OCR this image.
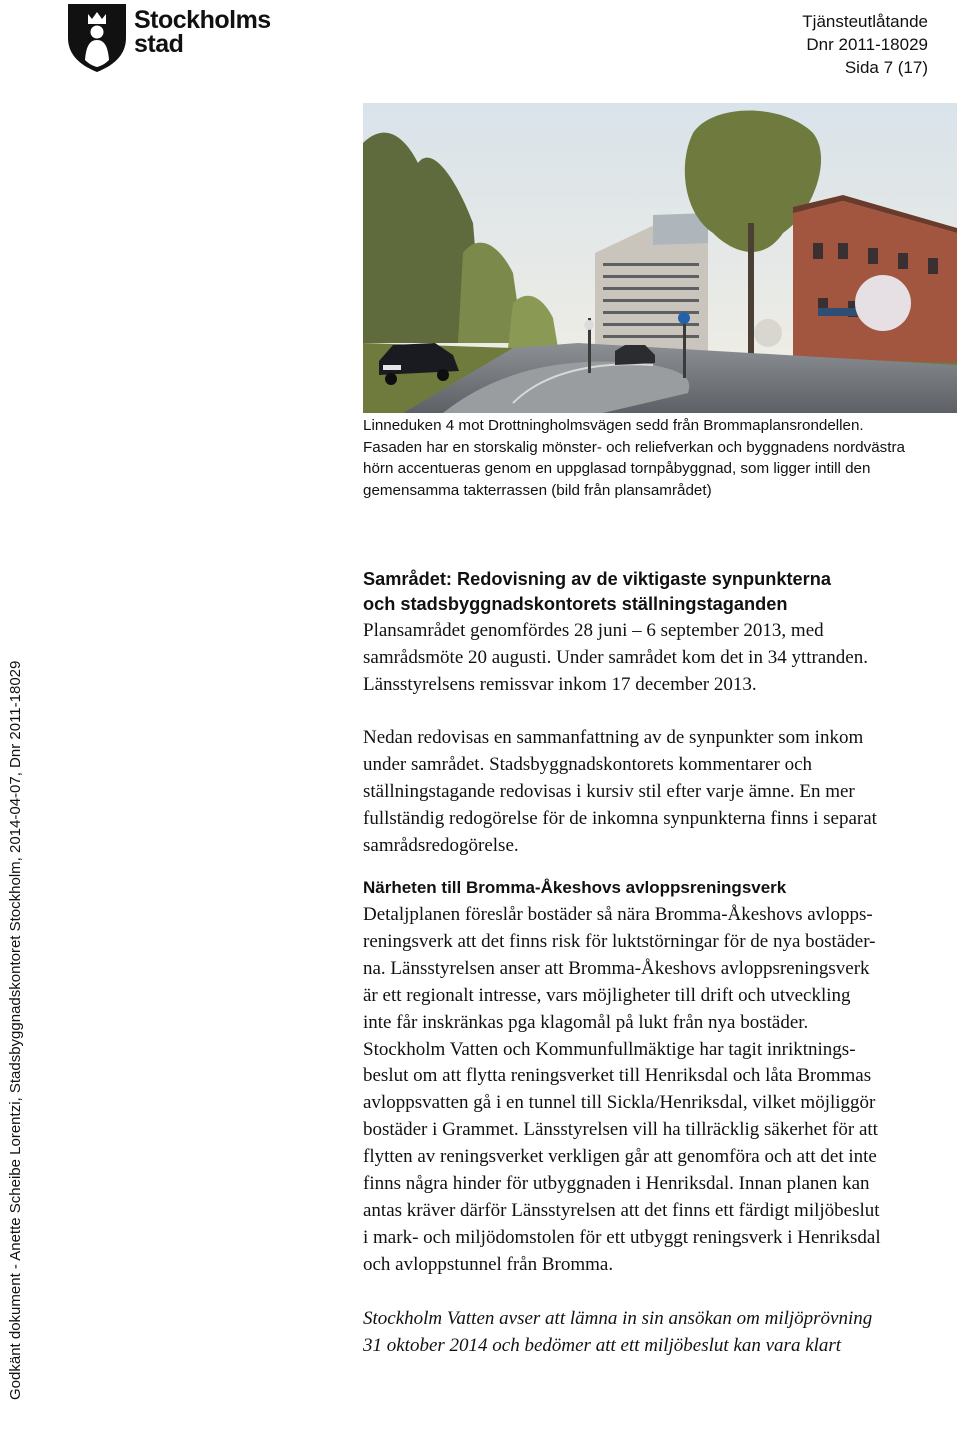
Stockholms
stad
Tjänsteutlåtande
Dnr 2011-18029
Sida 7 (17)
Linneduken 4 mot Drottningholmsvägen sedd från Brommaplansrondellen.
Fasaden har en storskalig mönster- och reliefverkan och byggnadens nordvästra
hörn accentueras genom en uppglasad tornpåbyggnad, som ligger intill den
gemensamma takterrassen (bild från plansamrådet)
Godkänt dokument - Anette Scheibe Lorentzi, Stadsbyggnadskontoret Stockholm, 2014-04-07, Dnr 2011-18029
Samrådet: Redovisning av de viktigaste synpunkterna
och stadsbyggnadskontorets ställningstaganden
Plansamrådet genomfördes 28 juni – 6 september 2013, med
samrådsmöte 20 augusti. Under samrådet kom det in 34 yttranden.
Länsstyrelsens remissvar inkom 17 december 2013.
Nedan redovisas en sammanfattning av de synpunkter som inkom
under samrådet. Stadsbyggnadskontorets kommentarer och
ställningstagande redovisas i kursiv stil efter varje ämne. En mer
fullständig redogörelse för de inkomna synpunkterna finns i separat
samrådsredogörelse.
Närheten till Bromma-Åkeshovs avloppsreningsverk
Detaljplanen föreslår bostäder så nära Bromma-Åkeshovs avlopps-
reningsverk att det finns risk för luktstörningar för de nya bostäder-
na. Länsstyrelsen anser att Bromma-Åkeshovs avloppsreningsverk
är ett regionalt intresse, vars möjligheter till drift och utveckling
inte får inskränkas pga klagomål på lukt från nya bostäder.
Stockholm Vatten och Kommunfullmäktige har tagit inriktnings-
beslut om att flytta reningsverket till Henriksdal och låta Brommas
avloppsvatten gå i en tunnel till Sickla/Henriksdal, vilket möjliggör
bostäder i Grammet. Länsstyrelsen vill ha tillräcklig säkerhet för att
flytten av reningsverket verkligen går att genomföra och att det inte
finns några hinder för utbyggnaden i Henriksdal. Innan planen kan
antas kräver därför Länsstyrelsen att det finns ett färdigt miljöbeslut
i mark- och miljödomstolen för ett utbyggt reningsverk i Henriksdal
och avloppstunnel från Bromma.
Stockholm Vatten avser att lämna in sin ansökan om miljöprövning
31 oktober 2014 och bedömer att ett miljöbeslut kan vara klart
